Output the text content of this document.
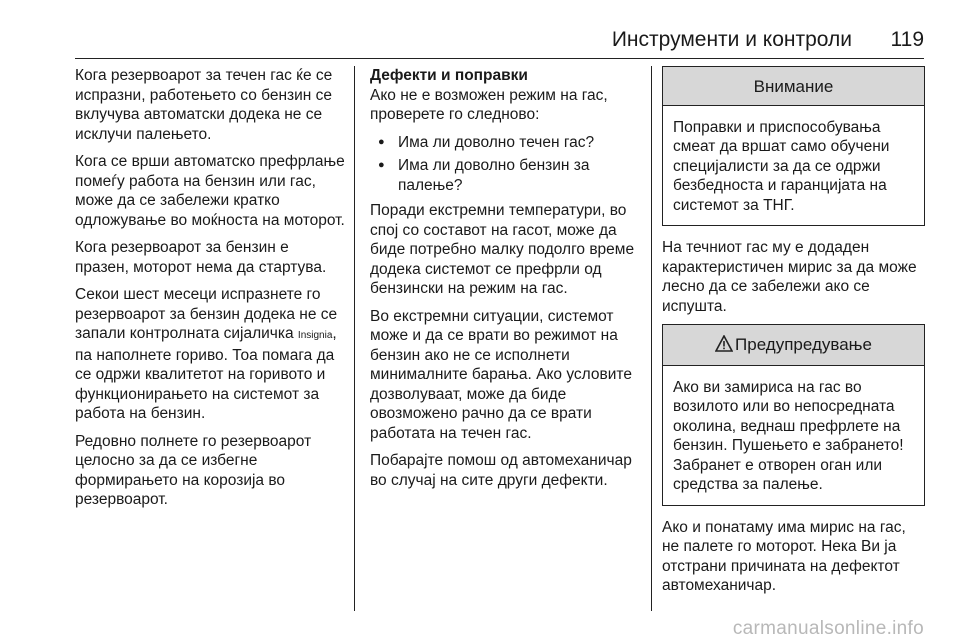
Инструменти и контроли 119

Кога резервоарот за течен гас ќе се испразни, работењето со бензин се вклучува автоматски додека не се исклучи палењето.

Кога се врши автоматско префрлање помеѓу работа на бензин или гас, може да се забележи кратко одложување во моќноста на моторот.

Кога резервоарот за бензин е празен, моторот нема да стартува.

Секои шест месеци испразнете го резервоарот за бензин додека не се запали контролната сијаличка Insignia, па наполнете гориво. Тоа помага да се одржи квалитетот на горивото и функционирањето на системот за работа на бензин.

Редовно полнете го резервоарот целосно за да се избегне формирањето на корозија во резервоарот.

Дефекти и поправки

Ако не е возможен режим на гас, проверете го следново:

● Има ли доволно течен гас?
● Има ли доволно бензин за палење?

Поради екстремни температури, во спој со составот на гасот, може да биде потребно малку подолго време додека системот се префрли од бензински на режим на гас.

Во екстремни ситуации, системот може и да се врати во режимот на бензин ако не се исполнети минималните барања. Ако условите дозволуваат, може да биде овозможено рачно да се врати работата на течен гас.

Побарајте помош од автомеханичар во случај на сите други дефекти.

Внимание
Поправки и приспособувања смеат да вршат само обучени специјалисти за да се одржи безбедноста и гаранцијата на системот за ТНГ.

На течниот гас му е додаден карактеристичен мирис за да може лесно да се забележи ако се испушта.

Предупредување
Ако ви замириса на гас во возилото или во непосредната околина, веднаш префрлете на бензин. Пушењето е забрането! Забранет е отворен оган или средства за палење.

Ако и понатаму има мирис на гас, не палете го моторот. Нека Ви ја отстрани причината на дефектот автомеханичар.

carmanualsonline.info
